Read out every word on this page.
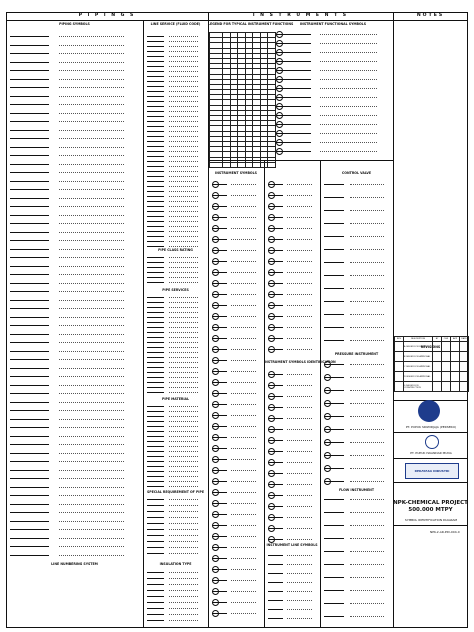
P I P I N G S	I N S T R U M E N T S	NOTES
PIPING SYMBOLS	LINE SERVICE (FLUID CODE)	LEGEND FOR TYPICAL INSTRUMENT FUNCTIONS	INSTRUMENT FUNCTIONAL SYMBOLS

INSTRUMENT SYMBOLS	CONTROL VALVE
PIPE CLASS RATING
PIPE SERVICES
PIPE MATERIAL
SPECIAL REQUIREMENT OF PIPE
LINE NUMBERING SYSTEM	INSULATION TYPE
INSTRUMENT SYMBOLS IDENTIFICATION
PRESSURE INSTRUMENT
FLOW INSTRUMENT
INSTRUMENT LINE SYMBOLS
REVISIONS
REV	DESCRIPTION	BY	CHK	APP	DATE
	A ISSUED FOR REVIEW				
	B ISSUED FOR APPROVAL				
	C ISSUED FOR APPROVAL				
	D ISSUED FOR APPROVAL				
	0 ISSUED FOR CONSTRUCTION				
PT. PUPUK SRIWIDJAJA (PERSERO)
PT. PUPUK ISKANDAR MUDA
REKAYASA INDUSTRI
NPK-CHEMICAL PROJECT
500.000 MTPY
SYMBOL IDENTIFICATION DIAGRAM
NPK-2-AR-PID-004-0
